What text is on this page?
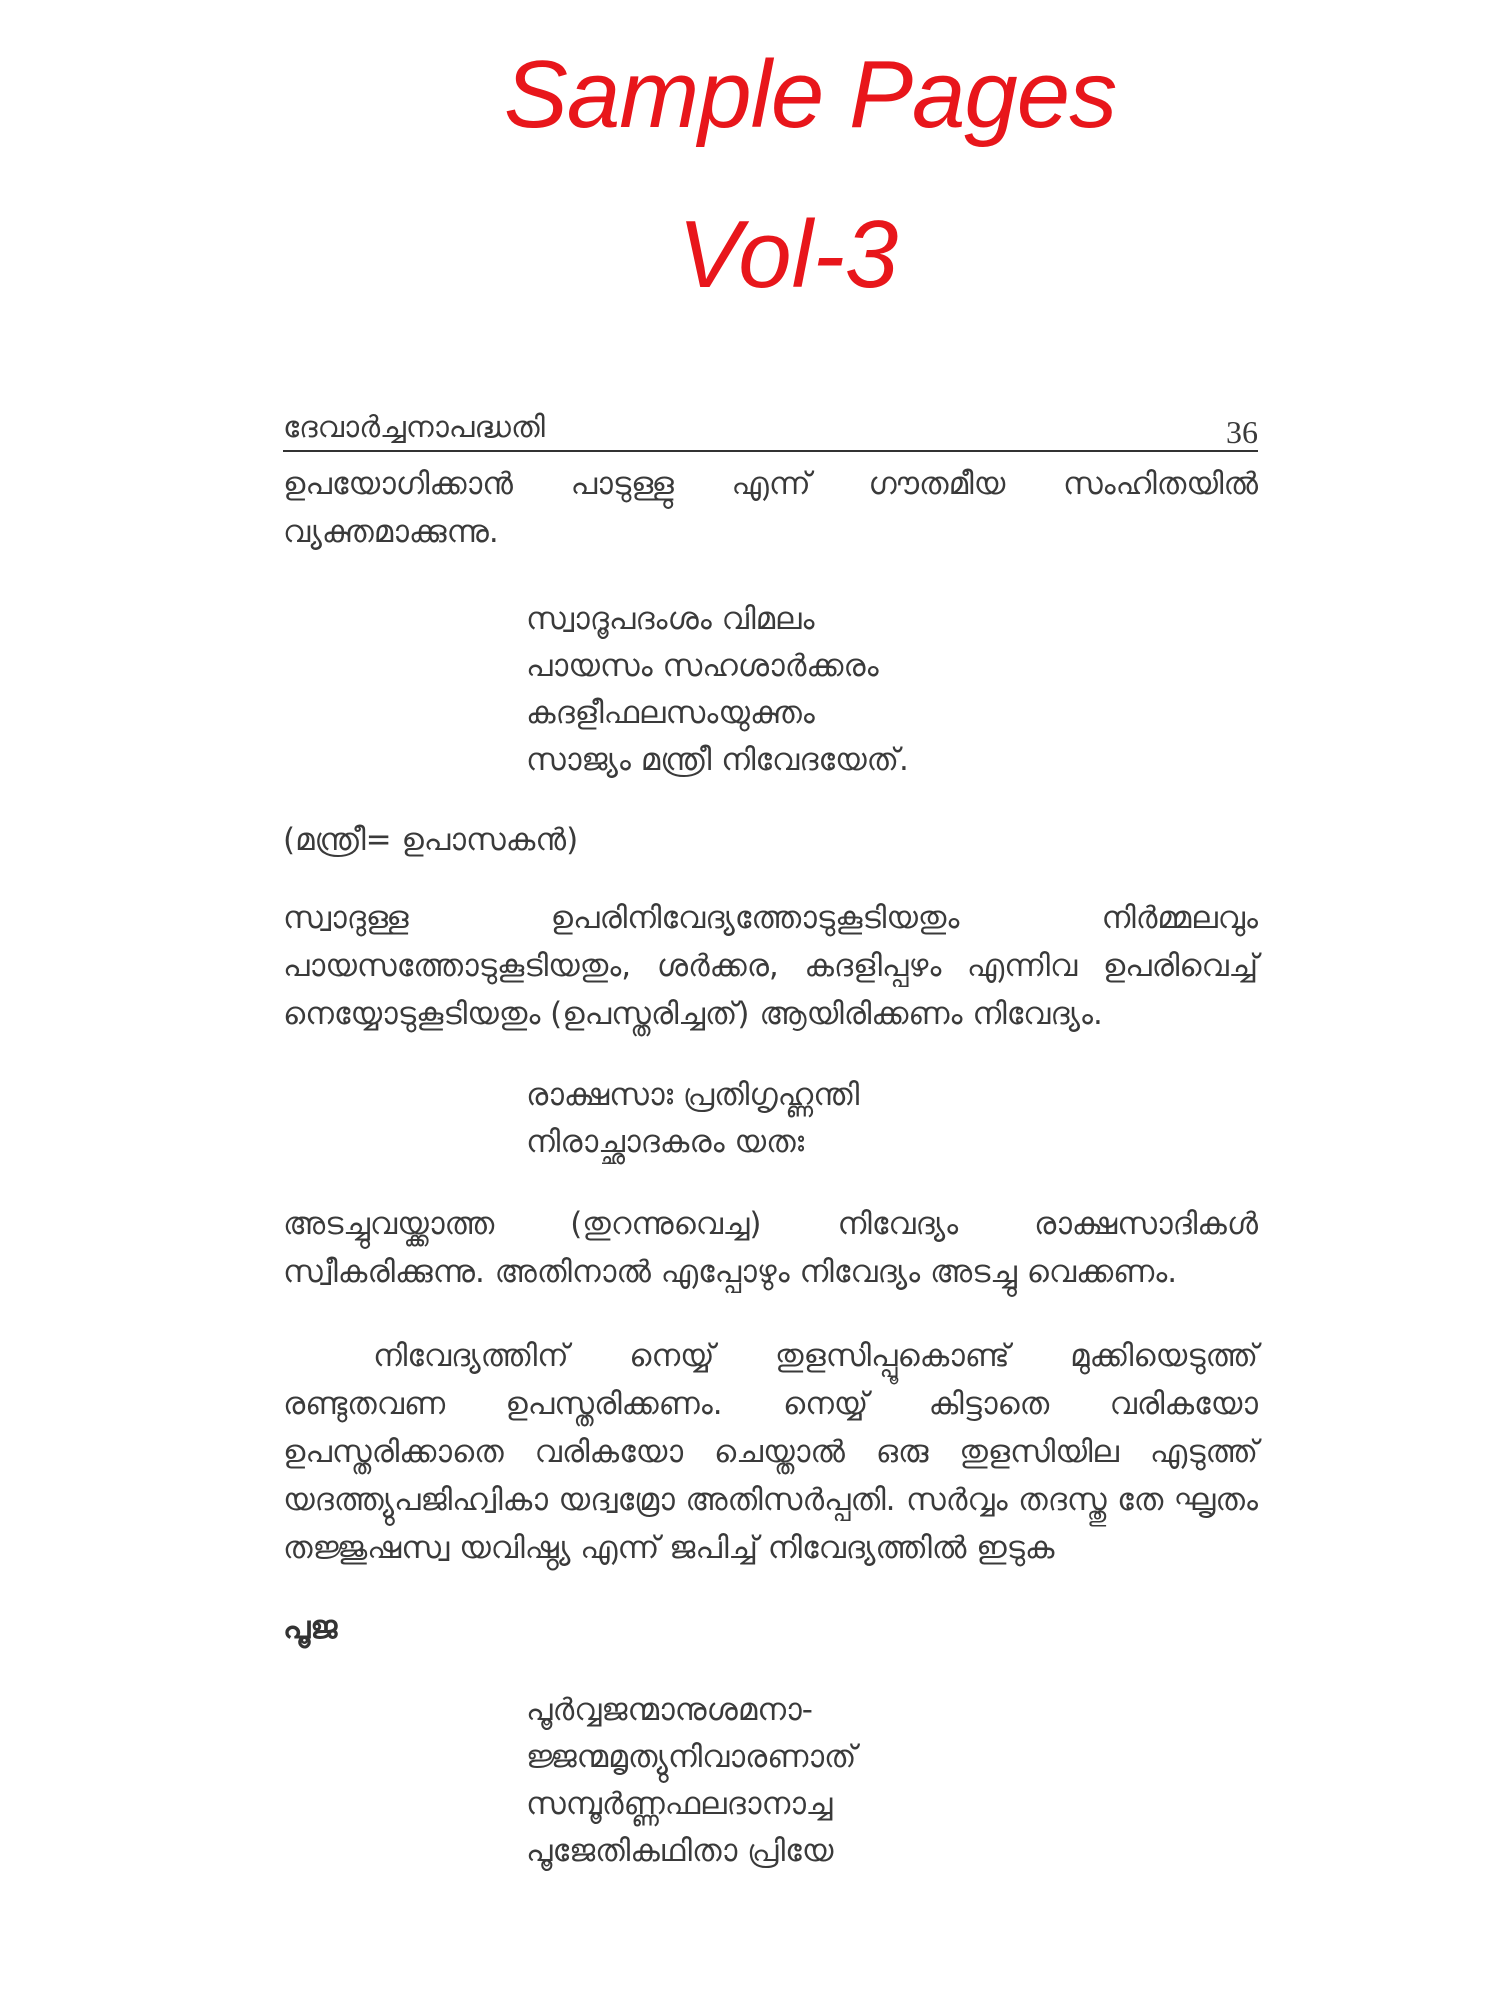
Sample Pages
Vol-3
ദേവാർച്ചനാപദ്ധതി	36

ഉപയോഗിക്കാൻ പാടുള്ളു എന്ന് ഗൗതമീയ സംഹിതയിൽ വ്യക്തമാക്കുന്നു.

സ്വാദൂപദംശം വിമലം
പായസം സഹശാർക്കരം
കദളീഫലസംയുക്തം
സാജ്യം മന്ത്രീ നിവേദയേത്.
(മന്ത്രീ= ഉപാസകൻ)

സ്വാദുള്ള ഉപരിനിവേദ്യത്തോടുകൂടിയതും നിർമ്മലവും പായസത്തോടുകൂടിയതും, ശർക്കര, കദളിപ്പഴം എന്നിവ ഉപരിവെച്ച് നെയ്യോടുകൂടിയതും (ഉപസ്തരിച്ചത്) ആയിരിക്കണം നിവേദ്യം.

രാക്ഷസാഃ പ്രതിഗൃഹ്ണന്തി
നിരാച്ഛാദകരം യതഃ

അടച്ചുവയ്ക്കാത്ത (തുറന്നുവെച്ച) നിവേദ്യം രാക്ഷസാദികൾ സ്വീകരിക്കുന്നു. അതിനാൽ എപ്പോഴും നിവേദ്യം അടച്ചു വെക്കണം.

നിവേദ്യത്തിന് നെയ്യ് തുളസിപ്പൂകൊണ്ട് മുക്കിയെടുത്ത് രണ്ടുതവണ ഉപസ്തരിക്കണം. നെയ്യ് കിട്ടാതെ വരികയോ ഉപസ്തരിക്കാതെ വരികയോ ചെയ്താൽ ഒരു തുളസിയില എടുത്ത് യദത്ത്യുപജിഹ്വികാ യദ്വമ്രോ അതിസർപ്പതി. സർവ്വം തദസ്തു തേ ഘൃതം തജ്ജുഷസ്വ യവിഷ്ഠ്യ എന്ന് ജപിച്ച് നിവേദ്യത്തിൽ ഇടുക

പൂജ
പൂർവ്വജന്മാനുശമനാ-
ജ്ജന്മമൃത്യുനിവാരണാത്
സമ്പൂർണ്ണഫലദാനാച്ച
പൂജേതികഥിതാ പ്രിയേ
